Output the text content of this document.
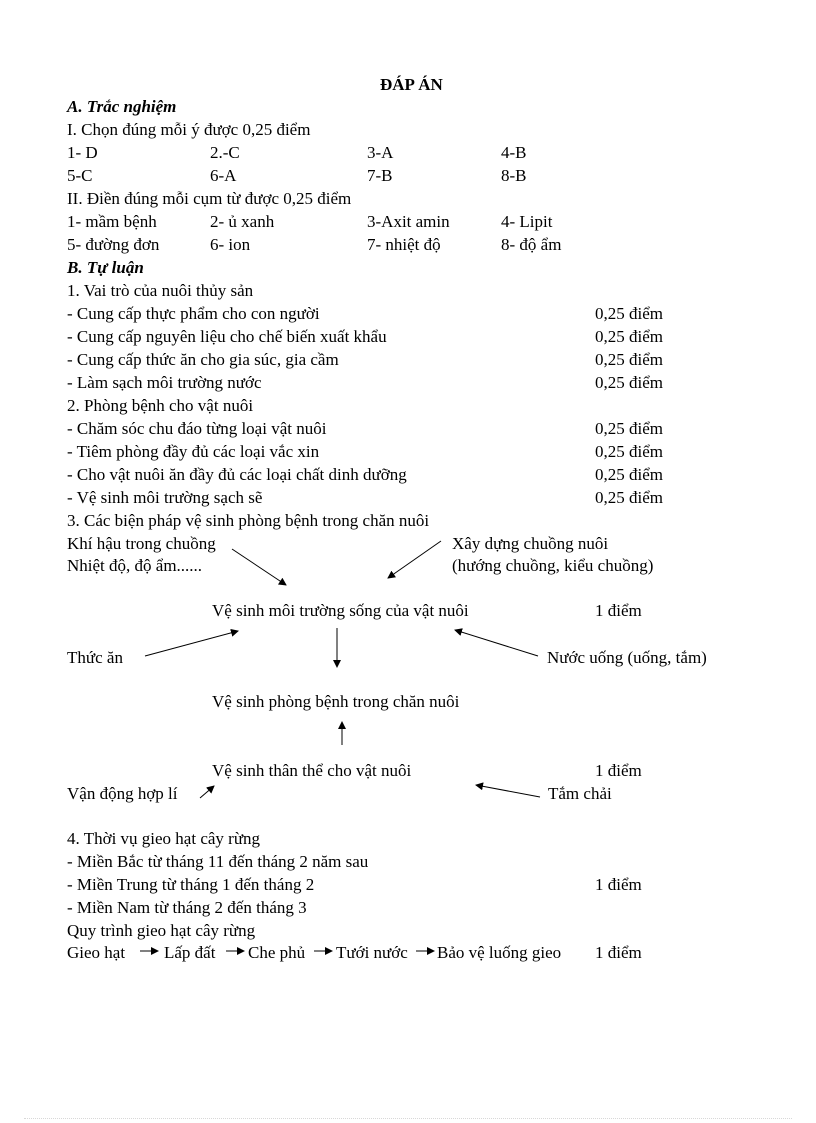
ĐÁP ÁN
A. Trắc nghiệm
I. Chọn đúng mỗi ý được 0,25 điểm
1- D	2.-C	3-A	4-B
5-C	6-A	7-B	8-B
II. Điền đúng mỗi cụm từ được 0,25 điểm
1- mầm bệnh	2- ủ xanh	3-Axit amin	4- Lipit
5- đường đơn	6- ion	7- nhiệt độ	8- độ ẩm
B. Tự luận
1. Vai trò của nuôi thủy sản
- Cung cấp thực phẩm cho con người	0,25 điểm
- Cung cấp nguyên liệu cho chế biến xuất khẩu	0,25 điểm
- Cung cấp thức ăn cho gia súc, gia cầm	0,25 điểm
- Làm sạch môi trường nước	0,25 điểm
2. Phòng bệnh cho vật nuôi
- Chăm sóc chu đáo từng loại vật nuôi	0,25 điểm
- Tiêm phòng đầy đủ các loại vắc xin	0,25 điểm
- Cho vật nuôi ăn đầy đủ các loại chất dinh dưỡng	0,25 điểm
- Vệ sinh môi trường sạch sẽ	0,25 điểm
3. Các biện pháp vệ sinh phòng bệnh trong chăn nuôi
Khí hậu trong chuồng
Nhiệt độ, độ ẩm......
Xây dựng chuồng nuôi
(hướng chuồng, kiểu chuồng)
Vệ sinh môi trường sống của vật nuôi	1 điểm
Thức ăn	Nước uống (uống, tắm)
Vệ sinh phòng bệnh trong chăn nuôi
Vệ sinh thân thể cho vật nuôi	1 điểm
Vận động hợp lí	Tắm chải
4. Thời vụ gieo hạt cây rừng
- Miền Bắc từ tháng 11 đến tháng 2 năm sau
- Miền Trung từ tháng 1 đến tháng 2	1 điểm
- Miền Nam từ tháng 2 đến tháng 3
Quy trình gieo hạt cây rừng
Gieo hạt Lấp đất Che phủ Tưới nước Bảo vệ luống gieo 1 điểm
